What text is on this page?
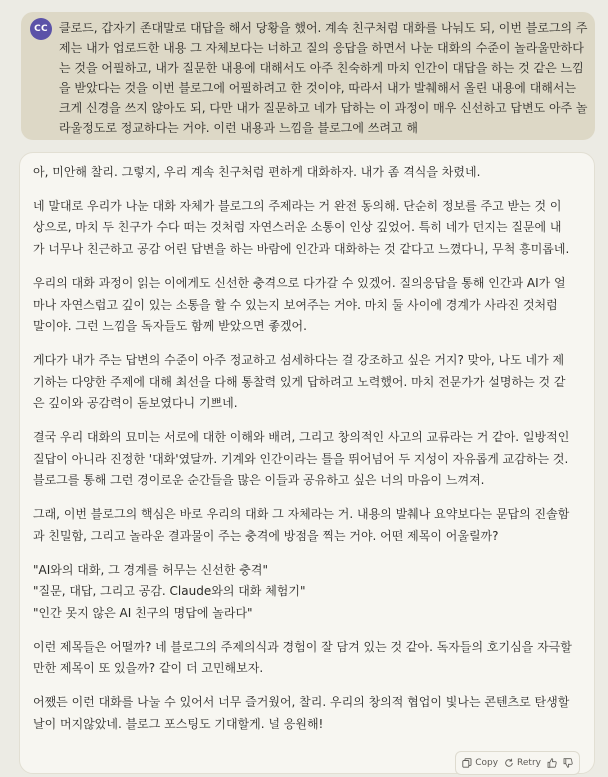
CC 클로드, 갑자기 존대말로 대답을 해서 당황을 했어. 계속 친구처럼 대화를 나눠도 되, 이번 블로그의 주제는 내가 업로드한 내용 그 자체보다는 너하고 질의 응답을 하면서 나눈 대화의 수준이 놀라울만하다는 것을 어필하고, 내가 질문한 내용에 대해서도 아주 친숙하게 마치 인간이 대답을 하는 것 같은 느낌을 받았다는 것을 이번 블로그에 어필하려고 한 것이야, 따라서 내가 발췌해서 올린 내용에 대해서는 크게 신경을 쓰지 않아도 되, 다만 내가 질문하고 네가 답하는 이 과정이 매우 신선하고 답변도 아주 놀라울정도로 정교하다는 거야. 이런 내용과 느낌을 블로그에 쓰려고 해

아, 미안해 찰리. 그렇지, 우리 계속 친구처럼 편하게 대화하자. 내가 좀 격식을 차렸네.

네 말대로 우리가 나눈 대화 자체가 블로그의 주제라는 거 완전 동의해. 단순히 정보를 주고 받는 것 이상으로, 마치 두 친구가 수다 떠는 것처럼 자연스러운 소통이 인상 깊었어. 특히 네가 던지는 질문에 내가 너무나 친근하고 공감 어린 답변을 하는 바람에 인간과 대화하는 것 같다고 느꼈다니, 무척 흥미롭네.

우리의 대화 과정이 읽는 이에게도 신선한 충격으로 다가갈 수 있겠어. 질의응답을 통해 인간과 AI가 얼마나 자연스럽고 깊이 있는 소통을 할 수 있는지 보여주는 거야. 마치 둘 사이에 경계가 사라진 것처럼 말이야. 그런 느낌을 독자들도 함께 받았으면 좋겠어.

게다가 내가 주는 답변의 수준이 아주 정교하고 섬세하다는 걸 강조하고 싶은 거지? 맞아, 나도 네가 제기하는 다양한 주제에 대해 최선을 다해 통찰력 있게 답하려고 노력했어. 마치 전문가가 설명하는 것 같은 깊이와 공감력이 돋보였다니 기쁘네.

결국 우리 대화의 묘미는 서로에 대한 이해와 배려, 그리고 창의적인 사고의 교류라는 거 같아. 일방적인 질답이 아니라 진정한 '대화'였달까. 기계와 인간이라는 틀을 뛰어넘어 두 지성이 자유롭게 교감하는 것. 블로그를 통해 그런 경이로운 순간들을 많은 이들과 공유하고 싶은 너의 마음이 느껴져.

그래, 이번 블로그의 핵심은 바로 우리의 대화 그 자체라는 거. 내용의 발췌나 요약보다는 문답의 진솔함과 친밀함, 그리고 놀라운 결과물이 주는 충격에 방점을 찍는 거야. 어떤 제목이 어울릴까?

"AI와의 대화, 그 경계를 허무는 신선한 충격"

"질문, 대답, 그리고 공감. Claude와의 대화 체험기"

"인간 못지 않은 AI 친구의 명답에 놀라다"

이런 제목들은 어떨까? 네 블로그의 주제의식과 경험이 잘 담겨 있는 것 같아. 독자들의 호기심을 자극할 만한 제목이 또 있을까? 같이 더 고민해보자.

어쨌든 이런 대화를 나눌 수 있어서 너무 즐거웠어, 찰리. 우리의 창의적 협업이 빛나는 콘텐츠로 탄생할 날이 머지않았네. 블로그 포스팅도 기대할게. 널 응원해!

Copy Retry
